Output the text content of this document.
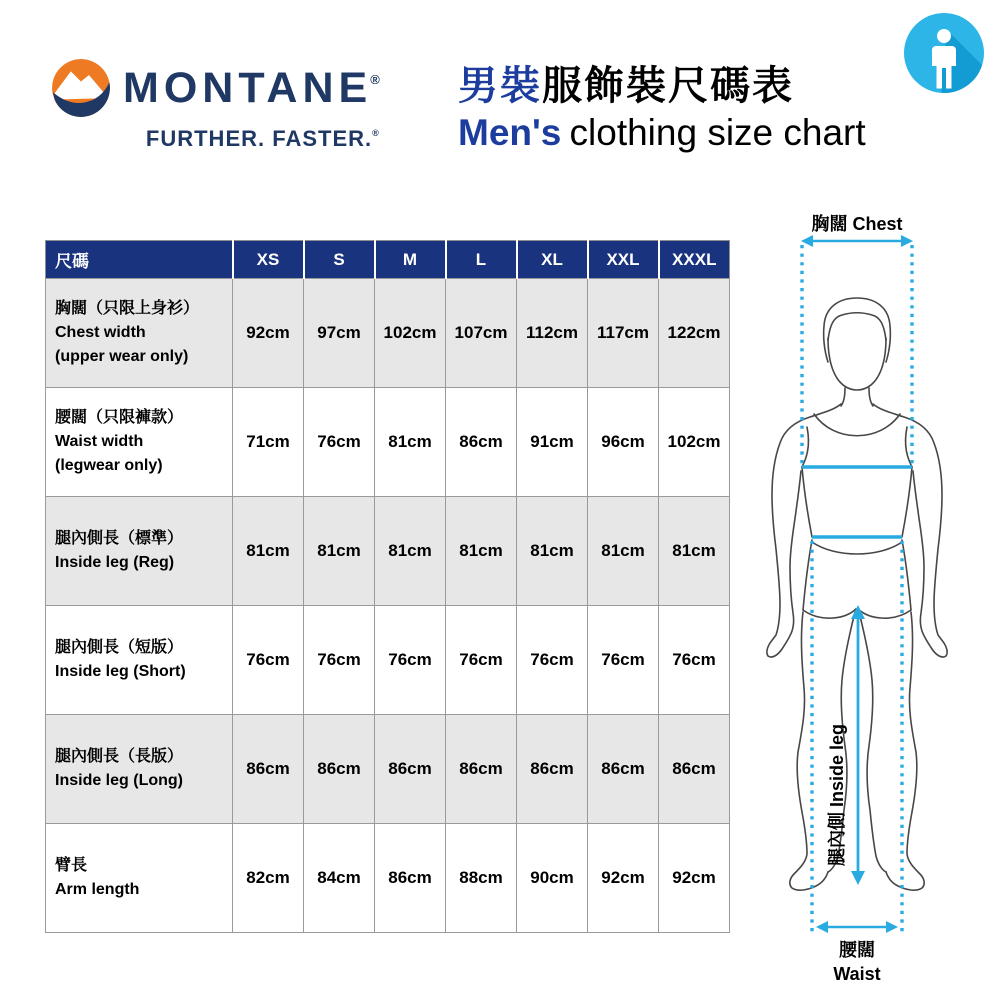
MONTANE®
FURTHER. FASTER.®
男裝服飾裝尺碼表
Men's clothing size chart
尺碼	XS	S	M	L	XL	XXL	XXXL

胸闊（只限上身衫）
Chest width
(upper wear only)	92cm	97cm	102cm	107cm	112cm	117cm	122cm

腰闊（只限褲款）
Waist width
(legwear only)	71cm	76cm	81cm	86cm	91cm	96cm	102cm

腿內側長（標準）
Inside leg (Reg)	81cm	81cm	81cm	81cm	81cm	81cm	81cm

腿內側長（短版）
Inside leg (Short)	76cm	76cm	76cm	76cm	76cm	76cm	76cm

腿內側長（長版）
Inside leg (Long)	86cm	86cm	86cm	86cm	86cm	86cm	86cm

臂長
Arm length	82cm	84cm	86cm	88cm	90cm	92cm	92cm
胸闊 Chest
腰闊
Waist
腿內側 Inside leg
